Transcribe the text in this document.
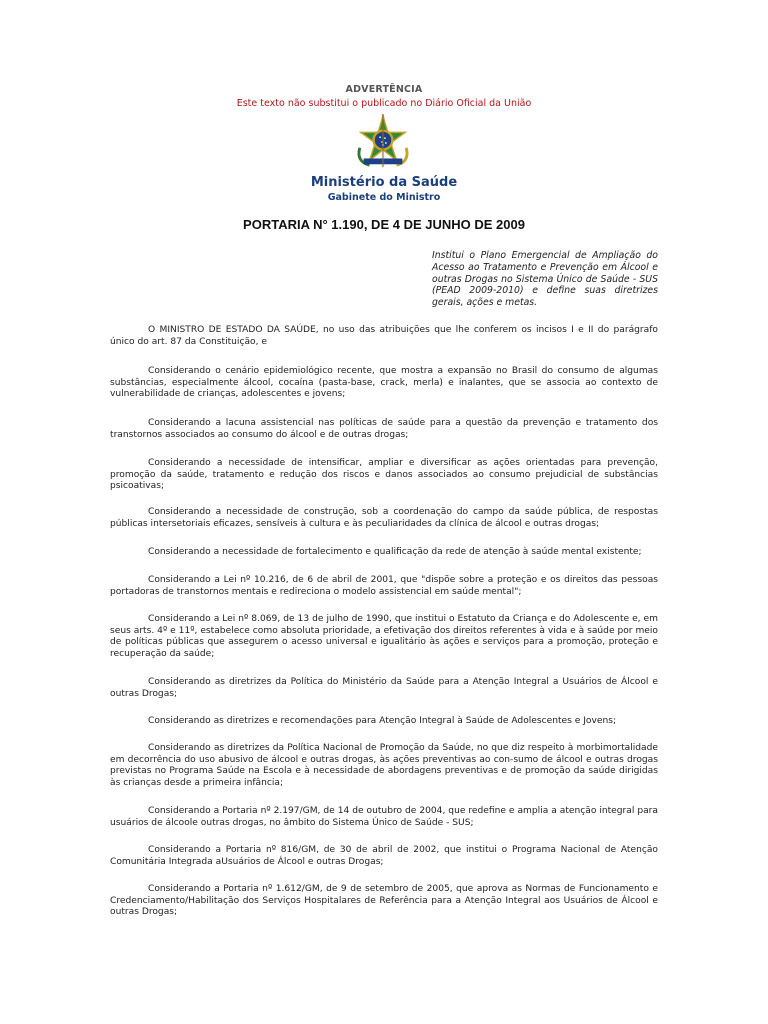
ADVERTÊNCIA
Este texto não substitui o publicado no Diário Oficial da União
Ministério da Saúde
Gabinete do Ministro
PORTARIA N° 1.190, DE 4 DE JUNHO DE 2009
Institui o Plano Emergencial de Ampliação do Acesso ao Tratamento e Prevenção em Álcool e outras Drogas no Sistema Único de Saúde - SUS (PEAD 2009-2010) e define suas diretrizes gerais, ações e metas.

O MINISTRO DE ESTADO DA SAÚDE, no uso das atribuições que lhe conferem os incisos I e II do parágrafo único do art. 87 da Constituição, e

Considerando o cenário epidemiológico recente, que mostra a expansão no Brasil do consumo de algumas substâncias, especialmente álcool, cocaína (pasta-base, crack, merla) e inalantes, que se associa ao contexto de vulnerabilidade de crianças, adolescentes e jovens;

Considerando a lacuna assistencial nas políticas de saúde para a questão da prevenção e tratamento dos transtornos associados ao consumo do álcool e de outras drogas;

Considerando a necessidade de intensificar, ampliar e diversificar as ações orientadas para prevenção, promoção da saúde, tratamento e redução dos riscos e danos associados ao consumo prejudicial de substâncias psicoativas;

Considerando a necessidade de construção, sob a coordenação do campo da saúde pública, de respostas públicas intersetoriais eficazes, sensíveis à cultura e às peculiaridades da clínica de álcool e outras drogas;

Considerando a necessidade de fortalecimento e qualificação da rede de atenção à saúde mental existente;

Considerando a Lei nº 10.216, de 6 de abril de 2001, que "dispõe sobre a proteção e os direitos das pessoas portadoras de transtornos mentais e redireciona o modelo assistencial em saúde mental";

Considerando a Lei nº 8.069, de 13 de julho de 1990, que institui o Estatuto da Criança e do Adolescente e, em seus arts. 4º e 11º, estabelece como absoluta prioridade, a efetivação dos direitos referentes à vida e à saúde por meio de políticas públicas que assegurem o acesso universal e igualitário às ações e serviços para a promoção, proteção e recuperação da saúde;

Considerando as diretrizes da Política do Ministério da Saúde para a Atenção Integral a Usuários de Álcool e outras Drogas;

Considerando as diretrizes e recomendações para Atenção Integral à Saúde de Adolescentes e Jovens;

Considerando as diretrizes da Política Nacional de Promoção da Saúde, no que diz respeito à morbimortalidade em decorrência do uso abusivo de álcool e outras drogas, às ações preventivas ao con-sumo de álcool e outras drogas previstas no Programa Saúde na Escola e à necessidade de abordagens preventivas e de promoção da saúde dirigidas às crianças desde a primeira infância;

Considerando a Portaria nº 2.197/GM, de 14 de outubro de 2004, que redefine e amplia a atenção integral para usuários de álcoole outras drogas, no âmbito do Sistema Único de Saúde - SUS;

Considerando a Portaria nº 816/GM, de 30 de abril de 2002, que institui o Programa Nacional de Atenção Comunitária Integrada aUsuários de Álcool e outras Drogas;

Considerando a Portaria nº 1.612/GM, de 9 de setembro de 2005, que aprova as Normas de Funcionamento e Credenciamento/Habilitação dos Serviços Hospitalares de Referência para a Atenção Integral aos Usuários de Álcool e outras Drogas;
